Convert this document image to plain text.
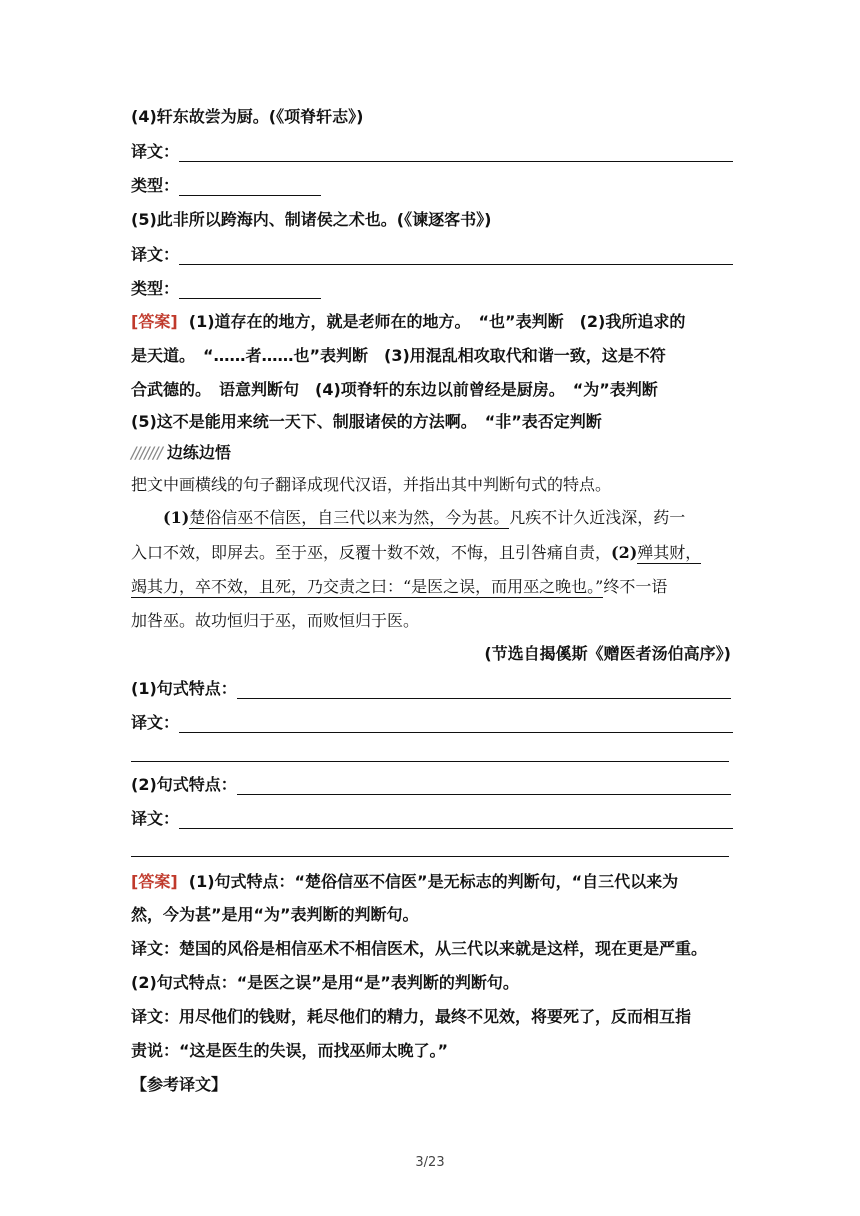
(4)轩东故尝为厨。(《项脊轩志》)
译文：
类型：
(5)此非所以跨海内、制诸侯之术也。(《谏逐客书》)
译文：
类型：
[答案] (1)道存在的地方，就是老师在的地方。　“也”表判断　(2)我所追求的
是天道。　“……者……也”表判断　(3)用混乱相攻取代和谐一致，这是不符
合武德的。　语意判断句　(4)项脊轩的东边以前曾经是厨房。　“为”表判断
(5)这不是能用来统一天下、制服诸侯的方法啊。　“非”表否定判断
/////// 边练边悟
把文中画横线的句子翻译成现代汉语，并指出其中判断句式的特点。
(1)楚俗信巫不信医，自三代以来为然，今为甚。凡疾不计久近浅深，药一
入口不效，即屏去。至于巫，反覆十数不效，不悔，且引咎痛自责，(2)殚其财，
竭其力，卒不效，且死，乃交责之曰：“是医之误，而用巫之晚也。”终不一语
加咎巫。故功恒归于巫，而败恒归于医。
(节选自揭傒斯《赠医者汤伯高序》)
(1)句式特点：
译文：
(2)句式特点：
译文：
[答案] (1)句式特点：“楚俗信巫不信医”是无标志的判断句，“自三代以来为
然，今为甚”是用“为”表判断的判断句。
译文：楚国的风俗是相信巫术不相信医术，从三代以来就是这样，现在更是严重。
(2)句式特点：“是医之误”是用“是”表判断的判断句。
译文：用尽他们的钱财，耗尽他们的精力，最终不见效，将要死了，反而相互指
责说：“这是医生的失误，而找巫师太晚了。”
【参考译文】
3/23
